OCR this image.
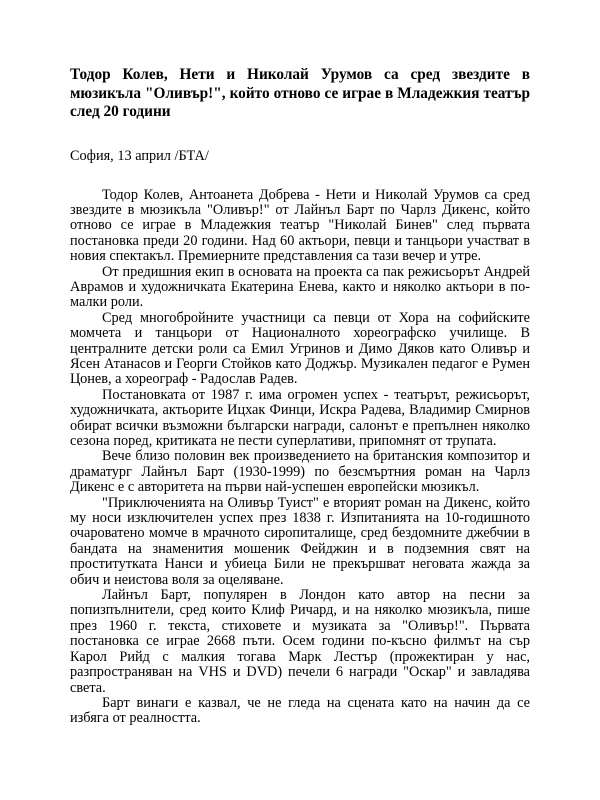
Тодор Колев, Нети и Николай Урумов са сред звездите в мюзикъла "Оливър!", който отново се играе в Младежкия театър след 20 години

София, 13 април /БТА/

Тодор Колев, Антоанета Добрева - Нети и Николай Урумов са сред звездите в мюзикъла "Оливър!" от Лайнъл Барт по Чарлз Дикенс, който отново се играе в Младежкия театър "Николай Бинев" след първата постановка преди 20 години. Над 60 актьори, певци и танцьори участват в новия спектакъл. Премиерните представления са тази вечер и утре.

От предишния екип в основата на проекта са пак режисьорът Андрей Аврамов и художничката Екатерина Енева, както и няколко актьори в по-малки роли.

Сред многобройните участници са певци от Хора на софийските момчета и танцьори от Националното хореографско училище. В централните детски роли са Емил Угринов и Димо Дяков като Оливър и Ясен Атанасов и Георги Стойков като Доджър. Музикален педагог е Румен Цонев, а хореограф - Радослав Радев.

Постановката от 1987 г. има огромен успех - театърът, режисьорът, художничката, актьорите Ицхак Финци, Искра Радева, Владимир Смирнов обират всички възможни български награди, салонът е препълнен няколко сезона поред, критиката не пести суперлативи, припомнят от трупата.

Вече близо половин век произведението на британския композитор и драматург Лайнъл Барт (1930-1999) по безсмъртния роман на Чарлз Дикенс е с авторитета на първи най-успешен европейски мюзикъл.

"Приключенията на Оливър Туист" е вторият роман на Дикенс, който му носи изключителен успех през 1838 г. Изпитанията на 10-годишното очароватено момче в мрачното сиропиталище, сред бездомните джебчии в бандата на знаменития мошеник Фейджин и в подземния свят на проститутката Нанси и убиеца Били не прекършват неговата жажда за обич и неистова воля за оцеляване.

Лайнъл Барт, популярен в Лондон като автор на песни за попизпълнители, сред които Клиф Ричард, и на няколко мюзикъла, пише през 1960 г. текста, стиховете и музиката за "Оливър!". Първата постановка се играе 2668 пъти. Осем години по-късно филмът на сър Карол Рийд с малкия тогава Марк Лестър (прожектиран у нас, разпространяван на VHS и DVD) печели 6 награди "Оскар" и завладява света.

Барт винаги е казвал, че не гледа на сцената като на начин да се избяга от реалността.
